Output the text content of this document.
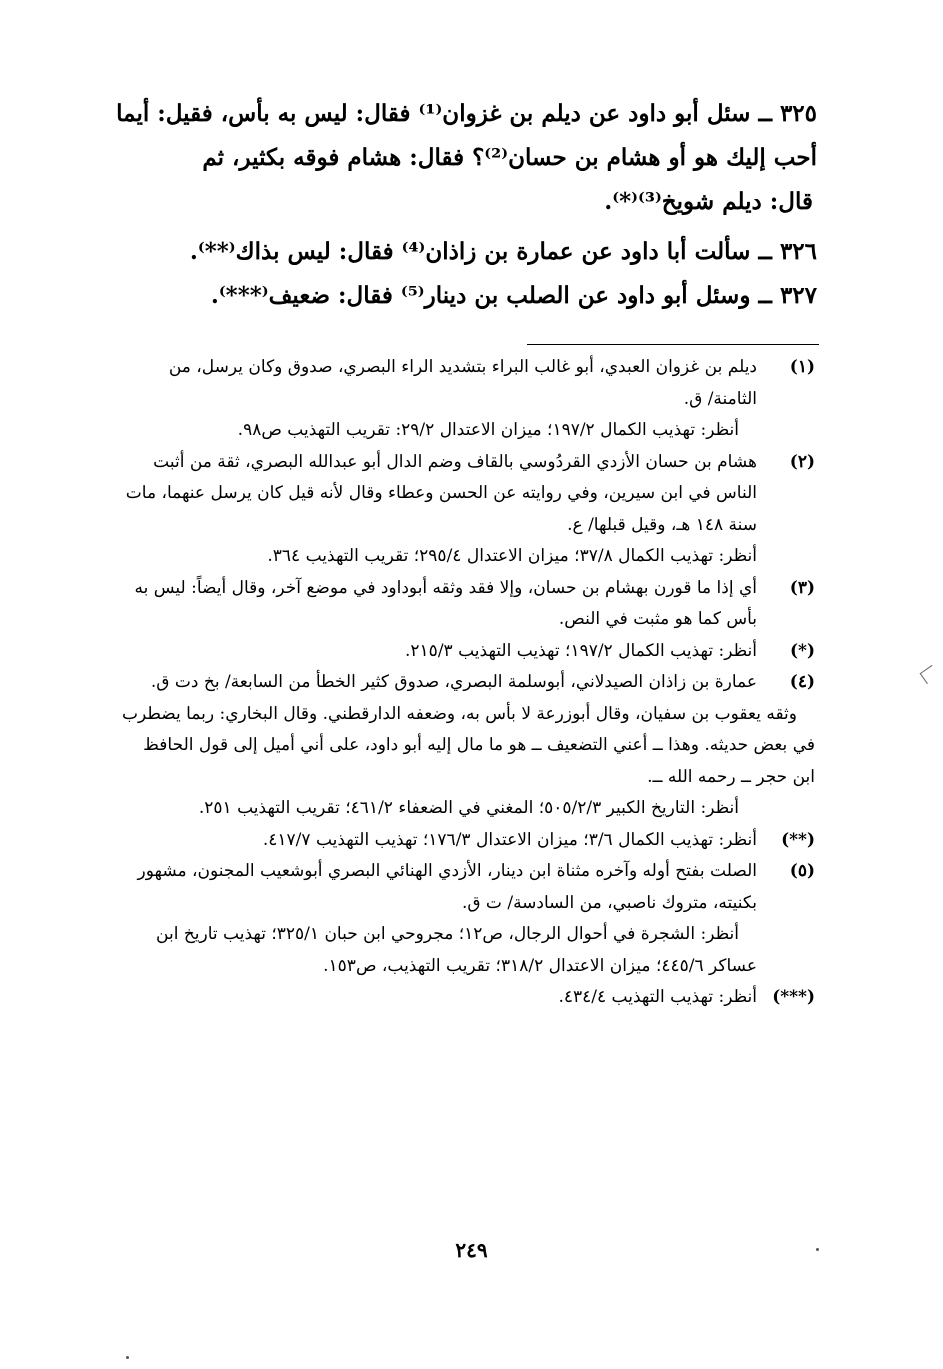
٣٢٥ ــ سئل أبو داود عن ديلم بن غزوان⁽¹⁾ فقال: ليس به بأس، فقيل: أيما
أحب إليك هو أو هشام بن حسان⁽²⁾؟ فقال: هشام فوقه بكثير، ثم
قال: ديلم شويخ⁽³⁾⁽*⁾.
٣٢٦ ــ سألت أبا داود عن عمارة بن زاذان⁽⁴⁾ فقال: ليس بذاك⁽**⁾.
٣٢٧ ــ وسئل أبو داود عن الصلب بن دينار⁽⁵⁾ فقال: ضعيف⁽***⁾.
(١)

ديلم بن غزوان العبدي، أبو غالب البراء بتشديد الراء البصري، صدوق وكان يرسل، من الثامنة/ ق.

أنظر: تهذيب الكمال ١٩٧/٢؛ ميزان الاعتدال ٢٩/٢: تقريب التهذيب ص٩٨.

(٢)

هشام بن حسان الأزدي القردُوسي بالقاف وضم الدال أبو عبدالله البصري، ثقة من أثبت الناس في ابن سيرين، وفي روايته عن الحسن وعطاء وقال لأنه قيل كان يرسل عنهما، مات سنة ١٤٨ هـ، وقيل قبلها/ ع.

أنظر: تهذيب الكمال ٣٧/٨؛ ميزان الاعتدال ٢٩٥/٤؛ تقريب التهذيب ٣٦٤.

(٣)

أي إذا ما قورن بهشام بن حسان، وإلا فقد وثقه أبوداود في موضع آخر، وقال أيضاً: ليس به بأس كما هو مثبت في النص.

(*)

أنظر: تهذيب الكمال ١٩٧/٢؛ تهذيب التهذيب ٢١٥/٣.

(٤)

عمارة بن زاذان الصيدلاني، أبوسلمة البصري، صدوق كثير الخطأ من السابعة/ بخ دت ق.

وثقه يعقوب بن سفيان، وقال أبوزرعة لا بأس به، وضعفه الدارقطني. وقال البخاري: ربما يضطرب في بعض حديثه. وهذا ــ أعني التضعيف ــ هو ما مال إليه أبو داود، على أني أميل إلى قول الحافظ ابن حجر ــ رحمه الله ــ.

أنظر: التاريخ الكبير ٥٠٥/٢/٣؛ المغني في الضعفاء ٤٦١/٢؛ تقريب التهذيب ٢٥١.

(**)

أنظر: تهذيب الكمال ٣/٦؛ ميزان الاعتدال ١٧٦/٣؛ تهذيب التهذيب ٤١٧/٧.

(٥)

الصلت بفتح أوله وآخره مثناة ابن دينار، الأزدي الهنائي البصري أبوشعيب المجنون، مشهور بكنيته، متروك ناصبي، من السادسة/ ت ق.

أنظر: الشجرة في أحوال الرجال، ص١٢؛ مجروحي ابن حبان ٣٢٥/١؛ تهذيب تاريخ ابن عساكر ٤٤٥/٦؛ ميزان الاعتدال ٣١٨/٢؛ تقريب التهذيب، ص١٥٣.

(***)

أنظر: تهذيب التهذيب ٤٣٤/٤.

٢٤٩
